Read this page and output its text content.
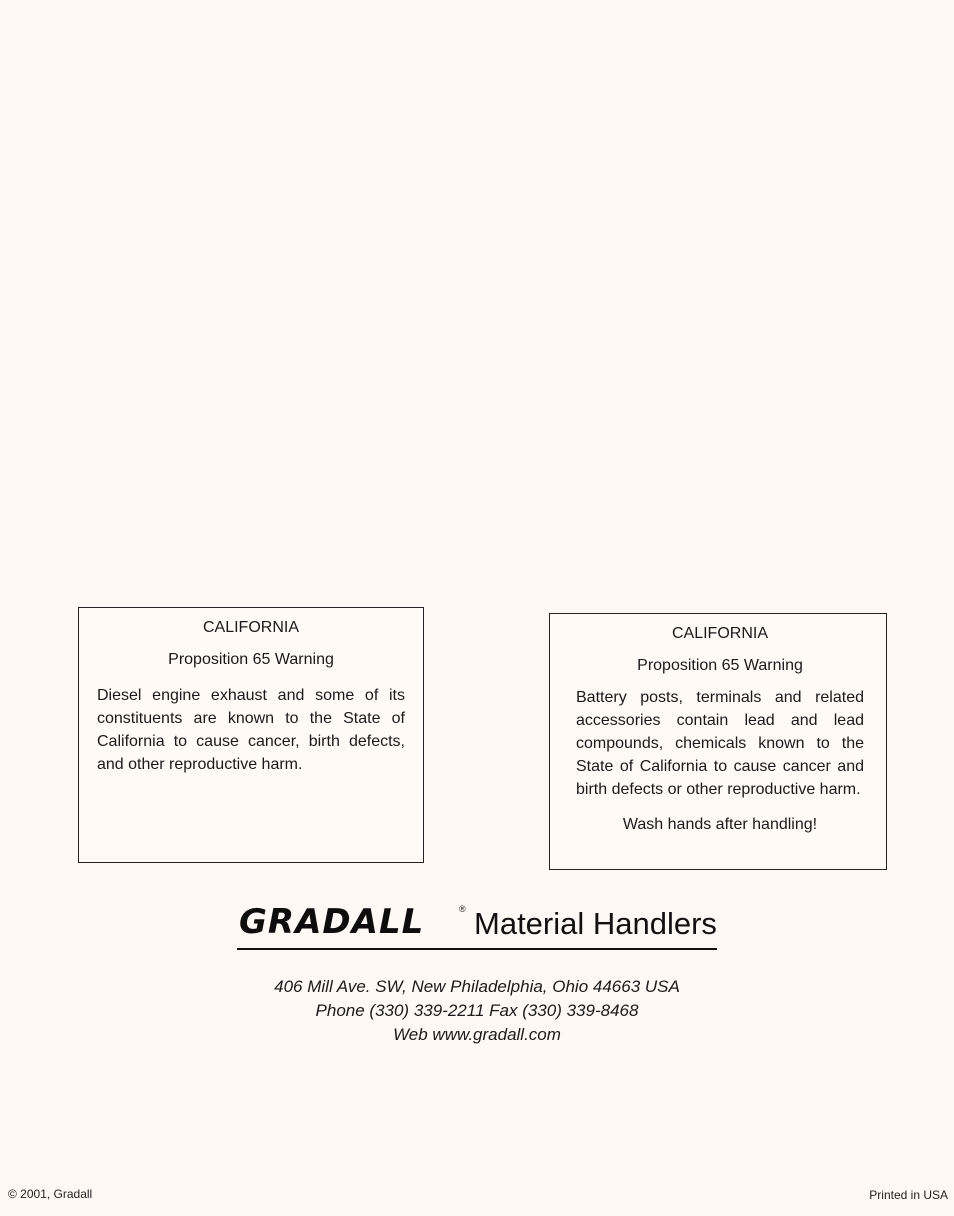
CALIFORNIA

Proposition 65 Warning

Diesel engine exhaust and some of its constituents are known to the State of California to cause cancer, birth defects, and other reproductive harm.

CALIFORNIA

Proposition 65 Warning

Battery posts, terminals and related accessories contain lead and lead compounds, chemicals known to the State of California to cause cancer and birth defects or other reproductive harm.

Wash hands after handling!

GRADALL	® Material Handlers
406 Mill Ave. SW, New Philadelphia, Ohio 44663 USA
Phone (330) 339-2211 Fax (330) 339-8468
Web www.gradall.com
© 2001, Gradall	Printed in USA
